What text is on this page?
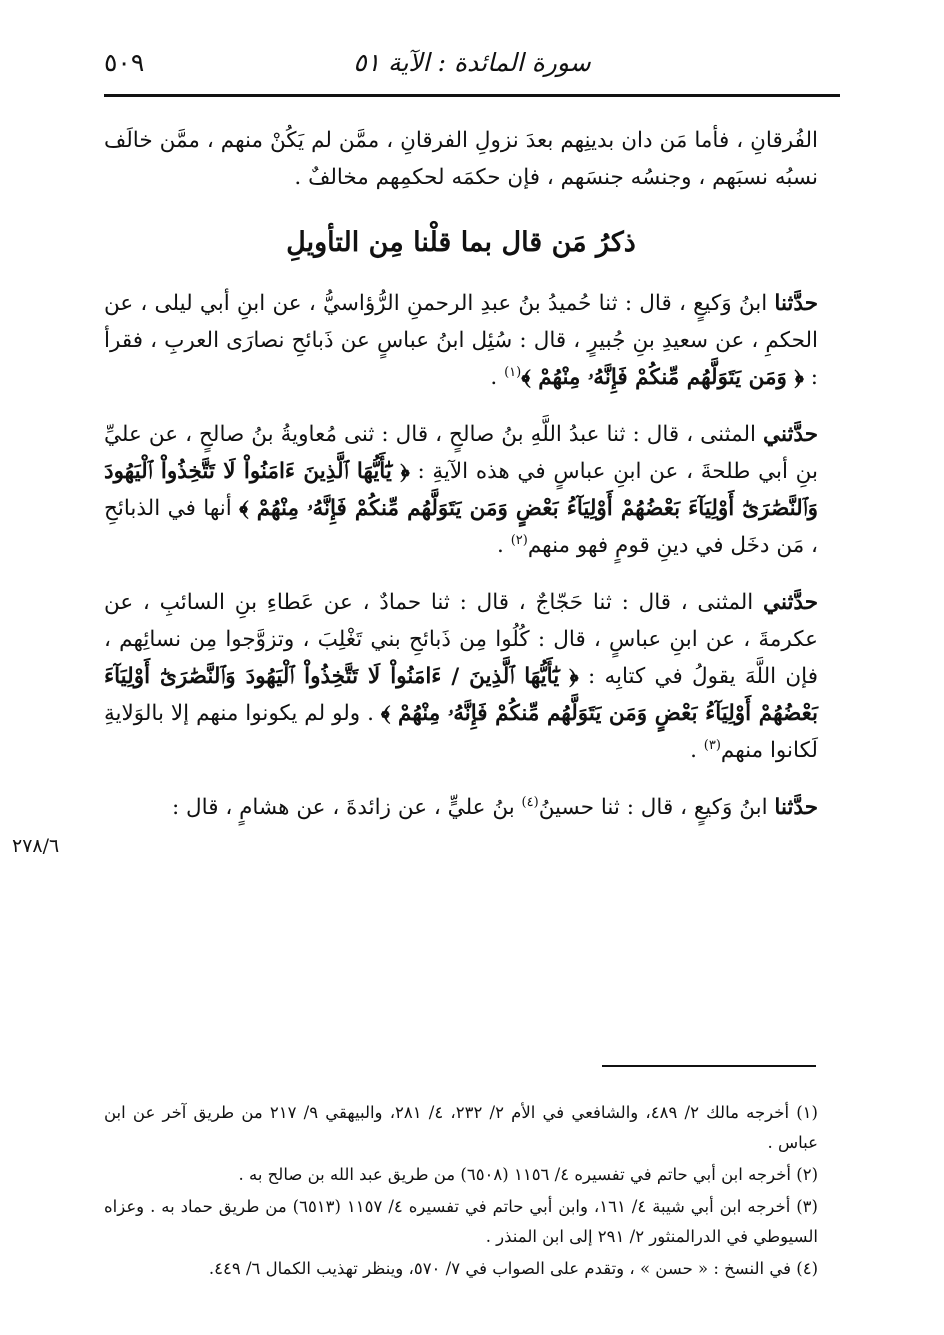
سورة المائدة : الآية ٥١
٥٠٩
٢٧٨/٦

الفُرقانِ ، فأما مَن دان بدينِهم بعدَ نزولِ الفرقانِ ، ممَّن لم يَكُنْ منهم ، ممَّن خالَف نسبُه نسبَهم ، وجنسُه جنسَهم ، فإن حكمَه لحكمِهم مخالفٌ .

ذكرُ مَن قال بما قلْنا مِن التأويلِ

حدَّثنا ابنُ وَكيعٍ ، قال : ثنا حُميدُ بنُ عبدِ الرحمنِ الرُّؤاسيُّ ، عن ابنِ أبي ليلى ، عن الحكمِ ، عن سعيدِ بنِ جُبيرٍ ، قال : سُئِل ابنُ عباسٍ عن ذَبائحِ نصارَى العربِ ، فقرأ : ﴿ وَمَن يَتَوَلَّهُم مِّنكُمْ فَإِنَّهُۥ مِنْهُمْ ﴾$^{(١)}$ .

حدَّثني المثنى ، قال : ثنا عبدُ اللَّهِ بنُ صالحٍ ، قال : ثنى مُعاويةُ بنُ صالحٍ ، عن عليِّ بنِ أبي طلحةَ ، عن ابنِ عباسٍ في هذه الآيةِ : ﴿ يَٰٓأَيُّهَا ٱلَّذِينَ ءَامَنُواْ لَا تَتَّخِذُواْ ٱلْيَهُودَ وَٱلنَّصَٰرَىٰٓ أَوْلِيَآءَ بَعْضُهُمْ أَوْلِيَآءُ بَعْضٍ وَمَن يَتَوَلَّهُم مِّنكُمْ فَإِنَّهُۥ مِنْهُمْ ﴾ أنها في الذبائحِ ، مَن دخَل في دينِ قومٍ فهو منهم$^{(٢)}$ .

حدَّثني المثنى ، قال : ثنا حَجّاجٌ ، قال : ثنا حمادٌ ، عن عَطاءِ بنِ السائبِ ، عن عكرمةَ ، عن ابنِ عباسٍ ، قال : كُلُوا مِن ذَبائحِ بني تَغْلِبَ ، وتزوَّجوا مِن نسائِهم ، فإن اللَّهَ يقولُ في كتابِه : ﴿ يَٰٓأَيُّهَا ٱلَّذِينَ / ءَامَنُواْ لَا تَتَّخِذُواْ ٱلْيَهُودَ وَٱلنَّصَٰرَىٰٓ أَوْلِيَآءَ بَعْضُهُمْ أَوْلِيَآءُ بَعْضٍ وَمَن يَتَوَلَّهُم مِّنكُمْ فَإِنَّهُۥ مِنْهُمْ ﴾ . ولو لم يكونوا منهم إلا بالوَلايةِ لَكانوا منهم$^{(٣)}$ .

حدَّثنا ابنُ وَكيعٍ ، قال : ثنا حسينُ$^{(٤)}$ بنُ عليٍّ ، عن زائدةَ ، عن هشامٍ ، قال :

(١) أخرجه مالك ٢/ ٤٨٩، والشافعي في الأم ٢/ ٢٣٢، ٤/ ٢٨١، والبيهقي ٩/ ٢١٧ من طريق آخر عن ابن عباس .

(٢) أخرجه ابن أبي حاتم في تفسيره ٤/ ١١٥٦ (٦٥٠٨) من طريق عبد الله بن صالح به .

(٣) أخرجه ابن أبي شيبة ٤/ ١٦١، وابن أبي حاتم في تفسيره ٤/ ١١٥٧ (٦٥١٣) من طريق حماد به . وعزاه السيوطي في الدرالمنثور ٢/ ٢٩١ إلى ابن المنذر .

(٤) في النسخ : « حسن » ، وتقدم على الصواب في ٧/ ٥٧٠، وينظر تهذيب الكمال ٦/ ٤٤٩.
